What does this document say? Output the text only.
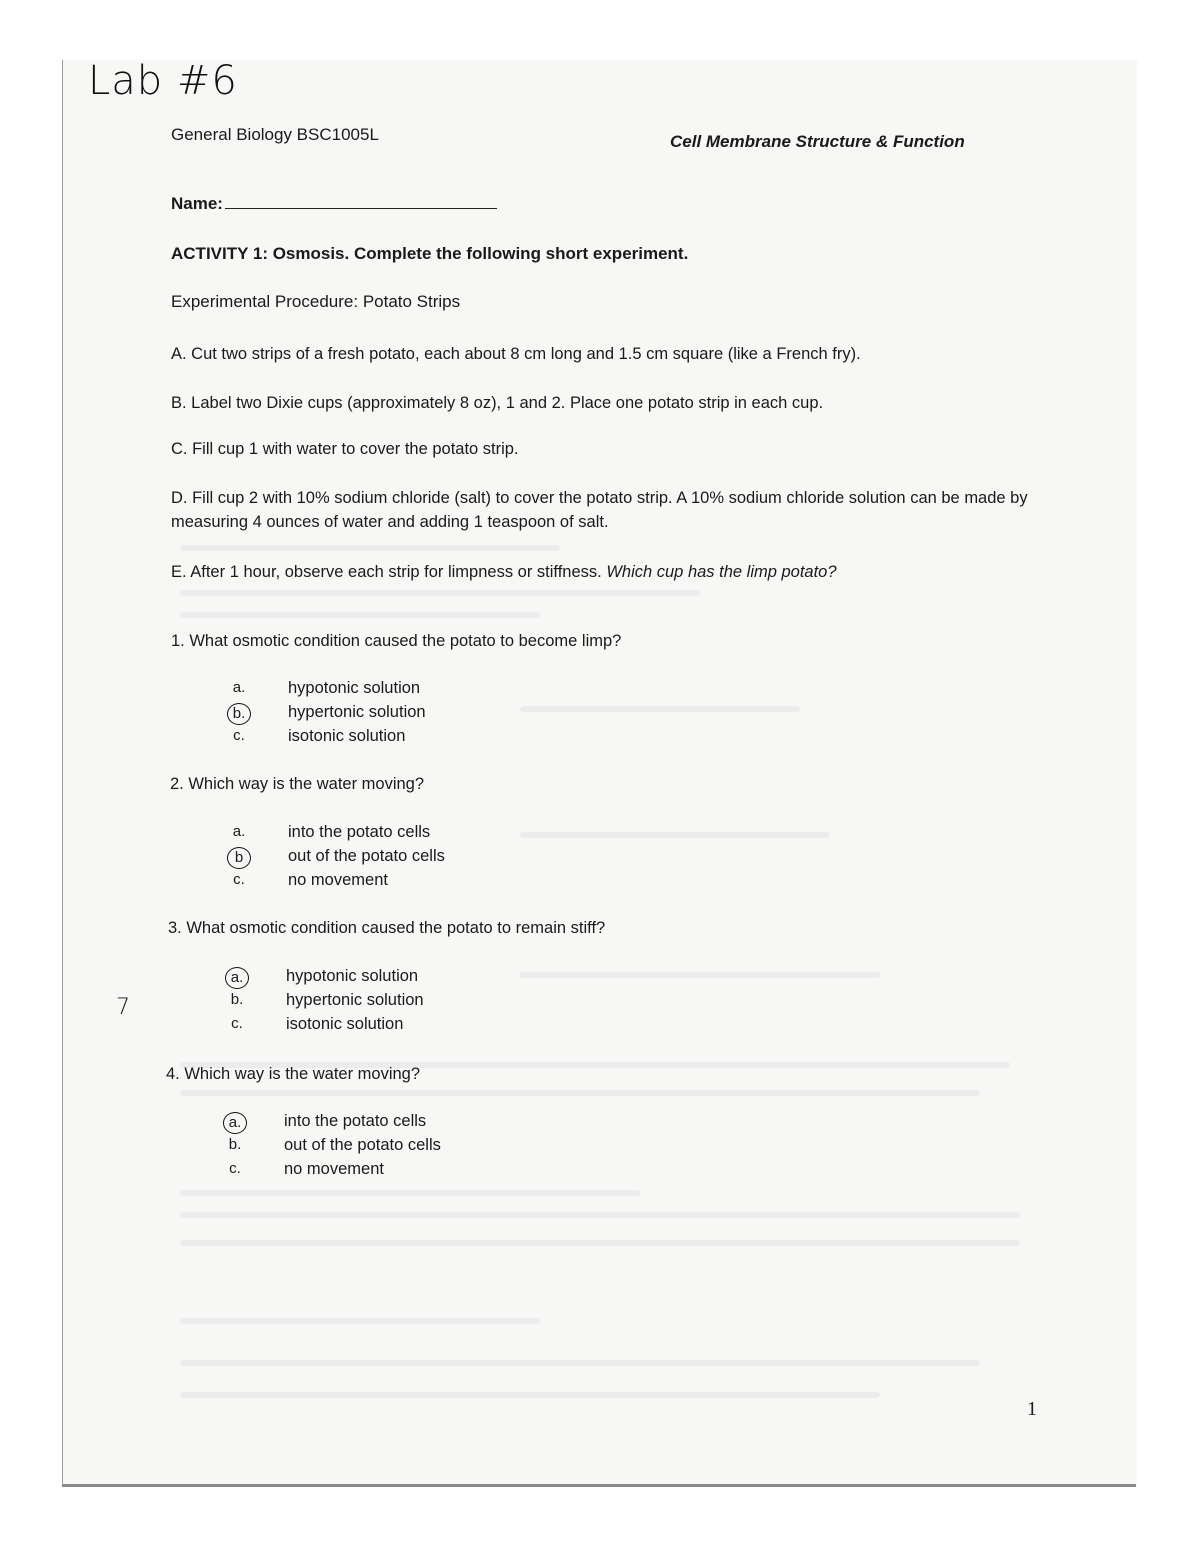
Lab #6
7
General Biology BSC1005L	Cell Membrane Structure & Function
Name:
ACTIVITY 1: Osmosis. Complete the following short experiment.
Experimental Procedure: Potato Strips
A. Cut two strips of a fresh potato, each about 8 cm long and 1.5 cm square (like a French fry).
B. Label two Dixie cups (approximately 8 oz), 1 and 2. Place one potato strip in each cup.
C. Fill cup 1 with water to cover the potato strip.
D. Fill cup 2 with 10% sodium chloride (salt) to cover the potato strip. A 10% sodium chloride solution can be made by measuring 4 ounces of water and adding 1 teaspoon of salt.
E. After 1 hour, observe each strip for limpness or stiffness. Which cup has the limp potato?
1. What osmotic condition caused the potato to become limp?
a.	hypotonic solution
b.	hypertonic solution
c.	isotonic solution
2. Which way is the water moving?
a.	into the potato cells
b	out of the potato cells
c.	no movement
3. What osmotic condition caused the potato to remain stiff?
a.	hypotonic solution
b.	hypertonic solution
c.	isotonic solution
4. Which way is the water moving?
a.	into the potato cells
b.	out of the potato cells
c.	no movement
1
